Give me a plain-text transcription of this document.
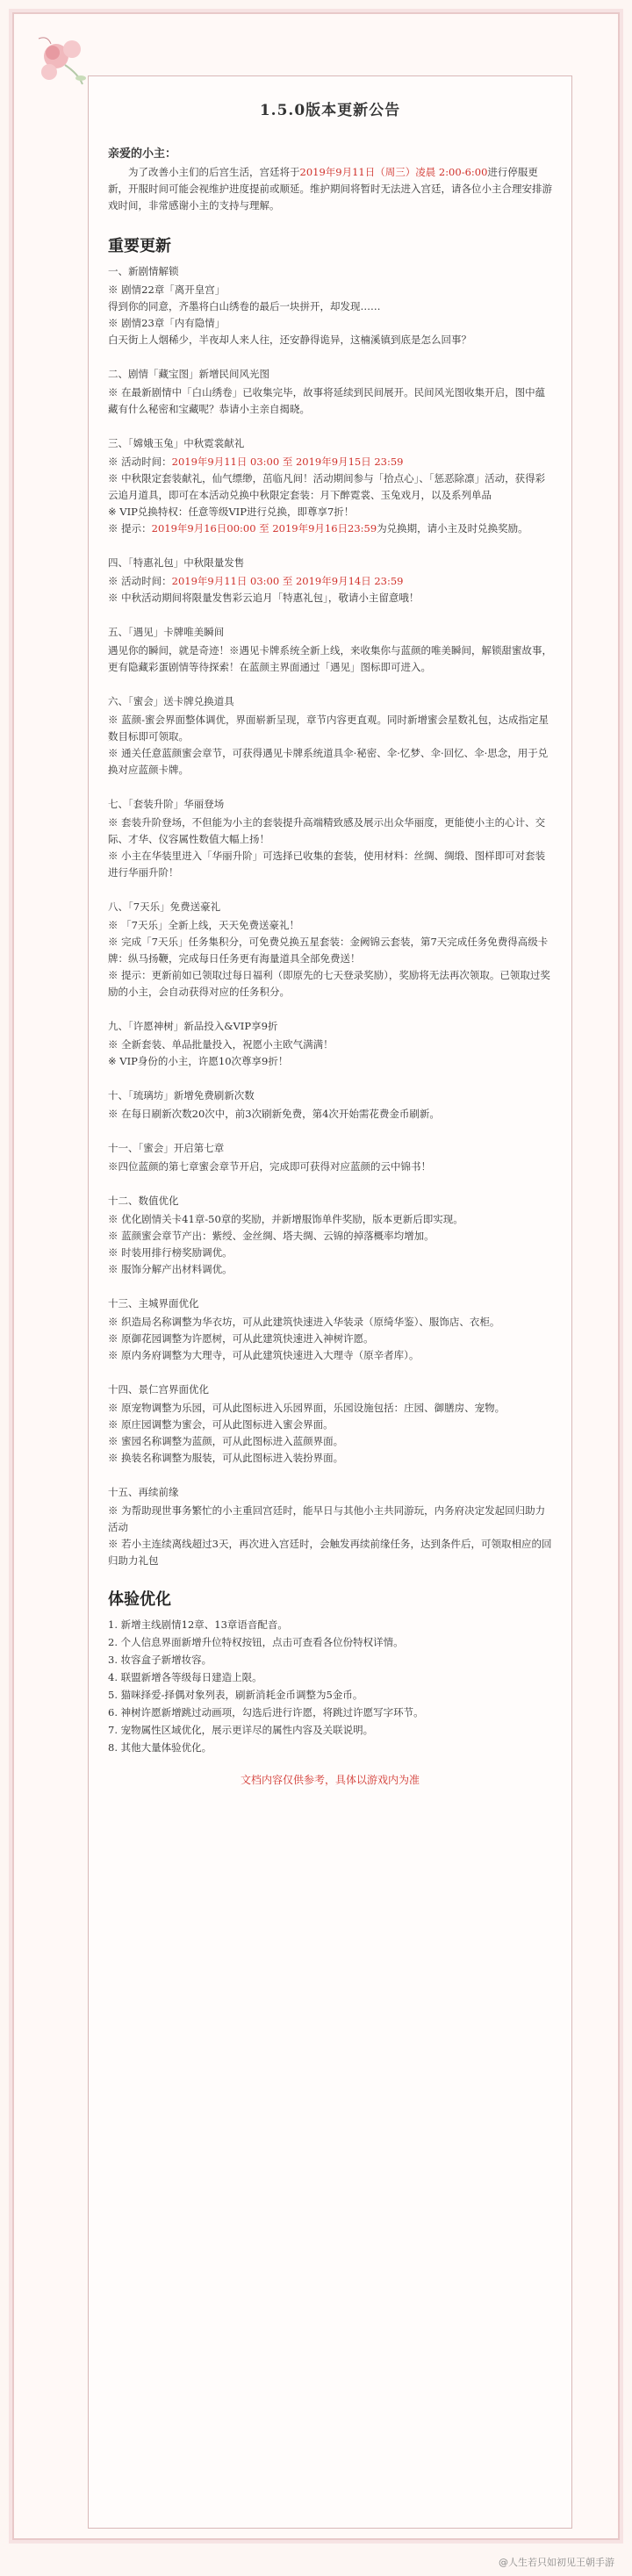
1.5.0版本更新公告
亲爱的小主：

为了改善小主们的后宫生活，宫廷将于2019年9月11日（周三）凌晨 2:00-6:00进行停服更新，开服时间可能会视维护进度提前或顺延。维护期间将暂时无法进入宫廷，请各位小主合理安排游戏时间，非常感谢小主的支持与理解。

重要更新
一、新剧情解锁
※ 剧情22章「离开皇宫」
得到你的同意，齐墨将白山绣卷的最后一块拼开，却发现……
※ 剧情23章「内有隐情」
白天街上人烟稀少，半夜却人来人往，还安静得诡异，这楠溪镇到底是怎么回事？
二、剧情「藏宝图」新增民间风光图
※ 在最新剧情中「白山绣卷」已收集完毕，故事将延续到民间展开。民间风光图收集开启，图中蕴藏有什么秘密和宝藏呢？恭请小主亲自揭晓。
三、「嫦娥玉兔」中秋霓裳献礼
※ 活动时间：2019年9月11日 03:00 至 2019年9月15日 23:59
※ 中秋限定套装献礼，仙气缥缈，茁临凡间！活动期间参与「拾点心」、「惩恶除凛」活动，获得彩云追月道具，即可在本活动兑换中秋限定套装：月下醉霓裳、玉兔戏月，以及系列单品
※ VIP兑换特权：任意等级VIP进行兑换，即尊享7折！
※ 提示：2019年9月16日00:00 至 2019年9月16日23:59为兑换期，请小主及时兑换奖励。
四、「特惠礼包」中秋限量发售
※ 活动时间：2019年9月11日 03:00 至 2019年9月14日 23:59
※ 中秋活动期间将限量发售彩云追月「特惠礼包」，敬请小主留意哦！
五、「遇见」卡牌唯美瞬间
遇见你的瞬间，就是奇迹！※遇见卡牌系统全新上线，来收集你与蓝颜的唯美瞬间，解锁甜蜜故事，更有隐藏彩蛋剧情等待探索！在蓝颜主界面通过「遇见」图标即可进入。
六、「蜜会」送卡牌兑换道具
※ 蓝颜-蜜会界面整体调优，界面崭新呈现，章节内容更直观。同时新增蜜会星数礼包，达成指定星数目标即可领取。
※ 通关任意蓝颜蜜会章节，可获得遇见卡牌系统道具伞·秘密、伞·忆梦、伞·回忆、伞·思念，用于兑换对应蓝颜卡牌。
七、「套装升阶」华丽登场
※ 套装升阶登场，不但能为小主的套装提升高端精致感及展示出众华丽度，更能使小主的心计、交际、才华、仪容属性数值大幅上扬！
※ 小主在华装里进入「华丽升阶」可选择已收集的套装，使用材料：丝绸、绸缎、图样即可对套装进行华丽升阶！
八、「7天乐」免费送豪礼
※ 「7天乐」全新上线，天天免费送豪礼！
※ 完成「7天乐」任务集积分，可免费兑换五星套装：金阙锦云套装，第7天完成任务免费得高级卡牌：纵马扬鞭，完成每日任务更有海量道具全部免费送！
※ 提示：更新前如已领取过每日福利（即原先的七天登录奖励），奖励将无法再次领取。已领取过奖励的小主，会自动获得对应的任务积分。
九、「许愿神树」新品投入&VIP享9折
※ 全新套装、单品批量投入，祝愿小主欧气满满！
※ VIP身份的小主，许愿10次尊享9折！
十、「琉璃坊」新增免费刷新次数
※ 在每日刷新次数20次中，前3次刷新免费，第4次开始需花费金币刷新。
十一、「蜜会」开启第七章
※四位蓝颜的第七章蜜会章节开启，完成即可获得对应蓝颜的云中锦书！
十二、数值优化
※ 优化剧情关卡41章-50章的奖励，并新增服饰单件奖励，版本更新后即实现。
※ 蓝颜蜜会章节产出：紫绶、金丝绸、塔夫绸、云锦的掉落概率均增加。
※ 时装用排行榜奖励调优。
※ 服饰分解产出材料调优。
十三、主城界面优化
※ 织造局名称调整为华衣坊，可从此建筑快速进入华装录（原绮华鉴）、服饰店、衣柜。
※ 原御花园调整为许愿树，可从此建筑快速进入神树许愿。
※ 原内务府调整为大理寺，可从此建筑快速进入大理寺（原辛者库）。
十四、景仁宫界面优化
※ 原宠物调整为乐园，可从此图标进入乐园界面，乐园设施包括：庄园、御膳房、宠物。
※ 原庄园调整为蜜会，可从此图标进入蜜会界面。
※ 蜜园名称调整为蓝颜，可从此图标进入蓝颜界面。
※ 换装名称调整为服装，可从此图标进入装扮界面。
十五、再续前缘
※ 为帮助现世事务繁忙的小主重回宫廷时，能早日与其他小主共同游玩，内务府决定发起回归助力活动
※ 若小主连续离线超过3天，再次进入宫廷时，会触发再续前缘任务，达到条件后，可领取相应的回归助力礼包
体验优化
1. 新增主线剧情12章、13章语音配音。
2. 个人信息界面新增升位特权按钮，点击可查看各位份特权详情。
3. 妆容盒子新增妆容。
4. 联盟新增各等级每日建造上限。
5. 猫咪择爱-择偶对象列表，刷新消耗金币调整为5金币。
6. 神树许愿新增跳过动画项，勾选后进行许愿，将跳过许愿写字环节。
7. 宠物属性区域优化，展示更详尽的属性内容及关联说明。
8. 其他大量体验优化。
文档内容仅供参考，具体以游戏内为准
@人生若只如初见王朝手游
